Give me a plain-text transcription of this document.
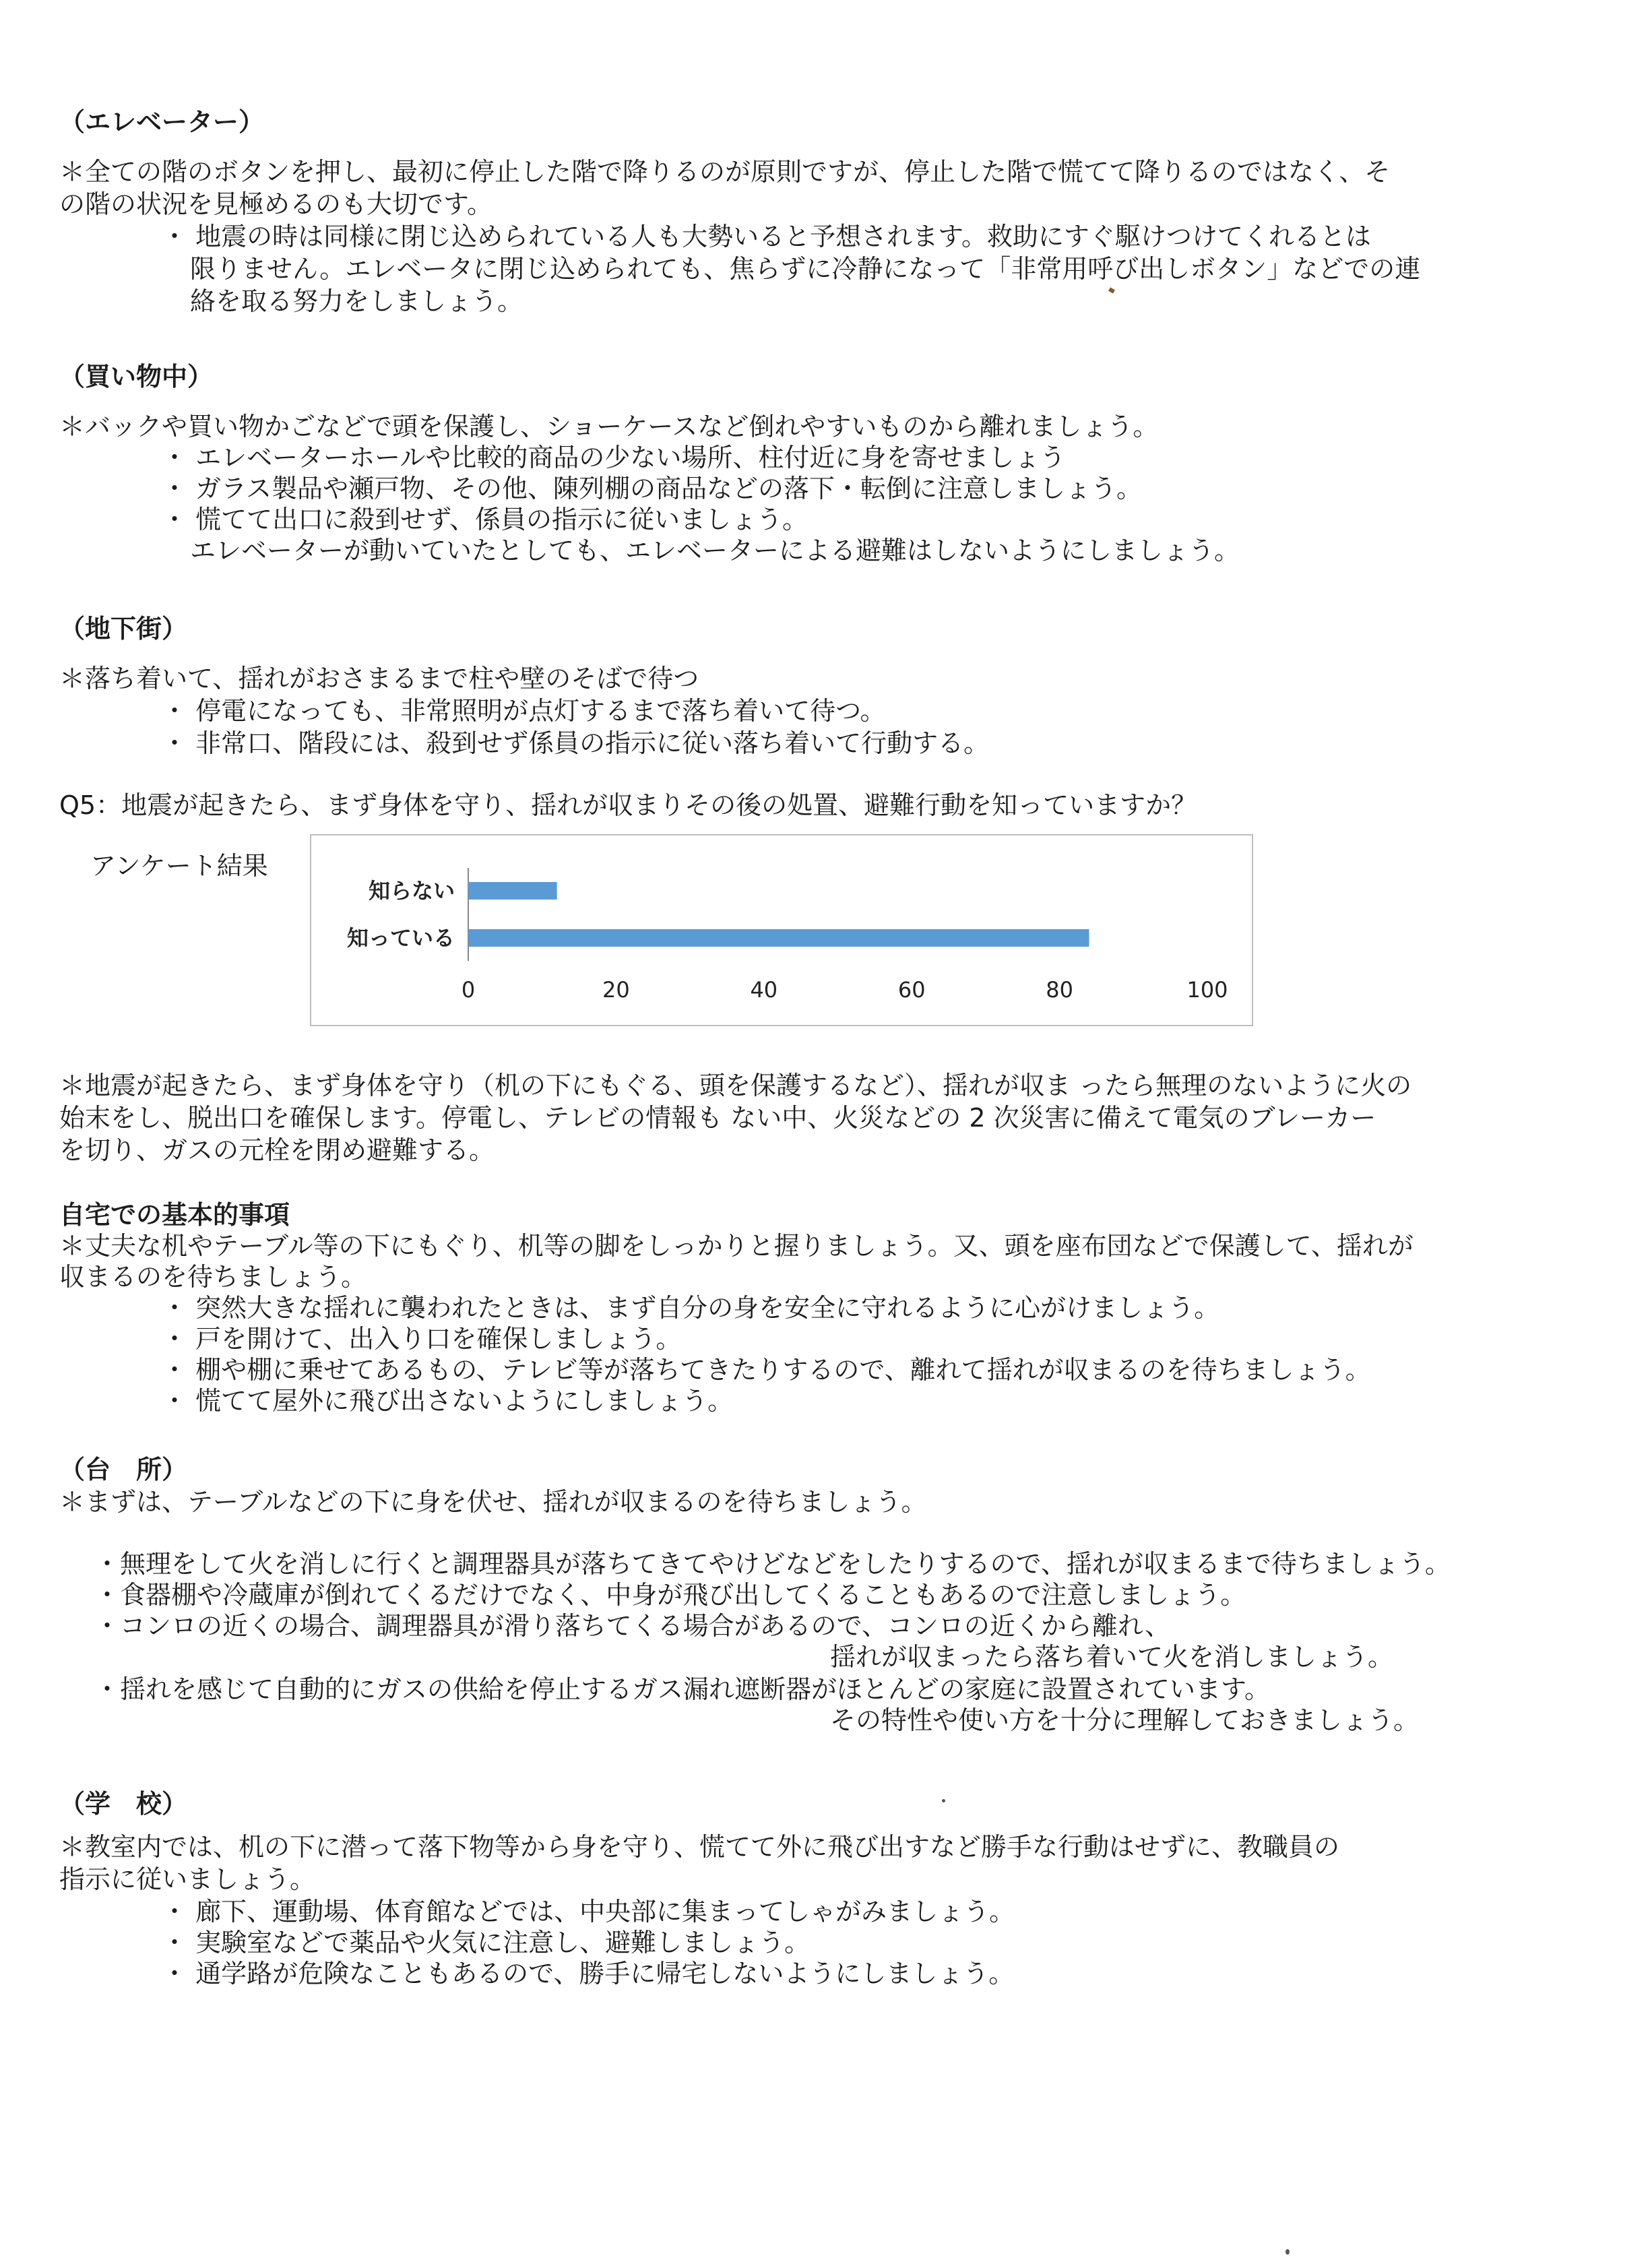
（エレベーター）
＊全ての階のボタンを押し、最初に停止した階で降りるのが原則ですが、停止した階で慌てて降りるのではなく、そ
の階の状況を見極めるのも大切です。
・ 地震の時は同様に閉じ込められている人も大勢いると予想されます。救助にすぐ駆けつけてくれるとは
限りません。エレベータに閉じ込められても、焦らずに冷静になって「非常用呼び出しボタン」などでの連
絡を取る努力をしましょう。
（買い物中）
＊バックや買い物かごなどで頭を保護し、ショーケースなど倒れやすいものから離れましょう。
・ エレベーターホールや比較的商品の少ない場所、柱付近に身を寄せましょう
・ ガラス製品や瀬戸物、その他、陳列棚の商品などの落下・転倒に注意しましょう。
・ 慌てて出口に殺到せず、係員の指示に従いましょう。
エレベーターが動いていたとしても、エレベーターによる避難はしないようにしましょう。
（地下街）
＊落ち着いて、揺れがおさまるまで柱や壁のそばで待つ
・ 停電になっても、非常照明が点灯するまで落ち着いて待つ。
・ 非常口、階段には、殺到せず係員の指示に従い落ち着いて行動する。
Q5：地震が起きたら、まず身体を守り、揺れが収まりその後の処置、避難行動を知っていますか？
アンケート結果
知らない
知っている
0	20	40	60	80	100
＊地震が起きたら、まず身体を守り（机の下にもぐる、頭を保護するなど）、揺れが収ま ったら無理のないように火の
始末をし、脱出口を確保します。停電し、テレビの情報も ない中、火災などの 2 次災害に備えて電気のブレーカー
を切り、ガスの元栓を閉め避難する。
自宅での基本的事項
＊丈夫な机やテーブル等の下にもぐり、机等の脚をしっかりと握りましょう。又、頭を座布団などで保護して、揺れが
収まるのを待ちましょう。
・ 突然大きな揺れに襲われたときは、まず自分の身を安全に守れるように心がけましょう。
・ 戸を開けて、出入り口を確保しましょう。
・ 棚や棚に乗せてあるもの、テレビ等が落ちてきたりするので、離れて揺れが収まるのを待ちましょう。
・ 慌てて屋外に飛び出さないようにしましょう。
（台　所）
＊まずは、テーブルなどの下に身を伏せ、揺れが収まるのを待ちましょう。
・無理をして火を消しに行くと調理器具が落ちてきてやけどなどをしたりするので、揺れが収まるまで待ちましょう。
・食器棚や冷蔵庫が倒れてくるだけでなく、中身が飛び出してくることもあるので注意しましょう。
・コンロの近くの場合、調理器具が滑り落ちてくる場合があるので、コンロの近くから離れ、
揺れが収まったら落ち着いて火を消しましょう。
・揺れを感じて自動的にガスの供給を停止するガス漏れ遮断器がほとんどの家庭に設置されています。
その特性や使い方を十分に理解しておきましょう。
（学　校）
＊教室内では、机の下に潜って落下物等から身を守り、慌てて外に飛び出すなど勝手な行動はせずに、教職員の
指示に従いましょう。
・ 廊下、運動場、体育館などでは、中央部に集まってしゃがみましょう。
・ 実験室などで薬品や火気に注意し、避難しましょう。
・ 通学路が危険なこともあるので、勝手に帰宅しないようにしましょう。
